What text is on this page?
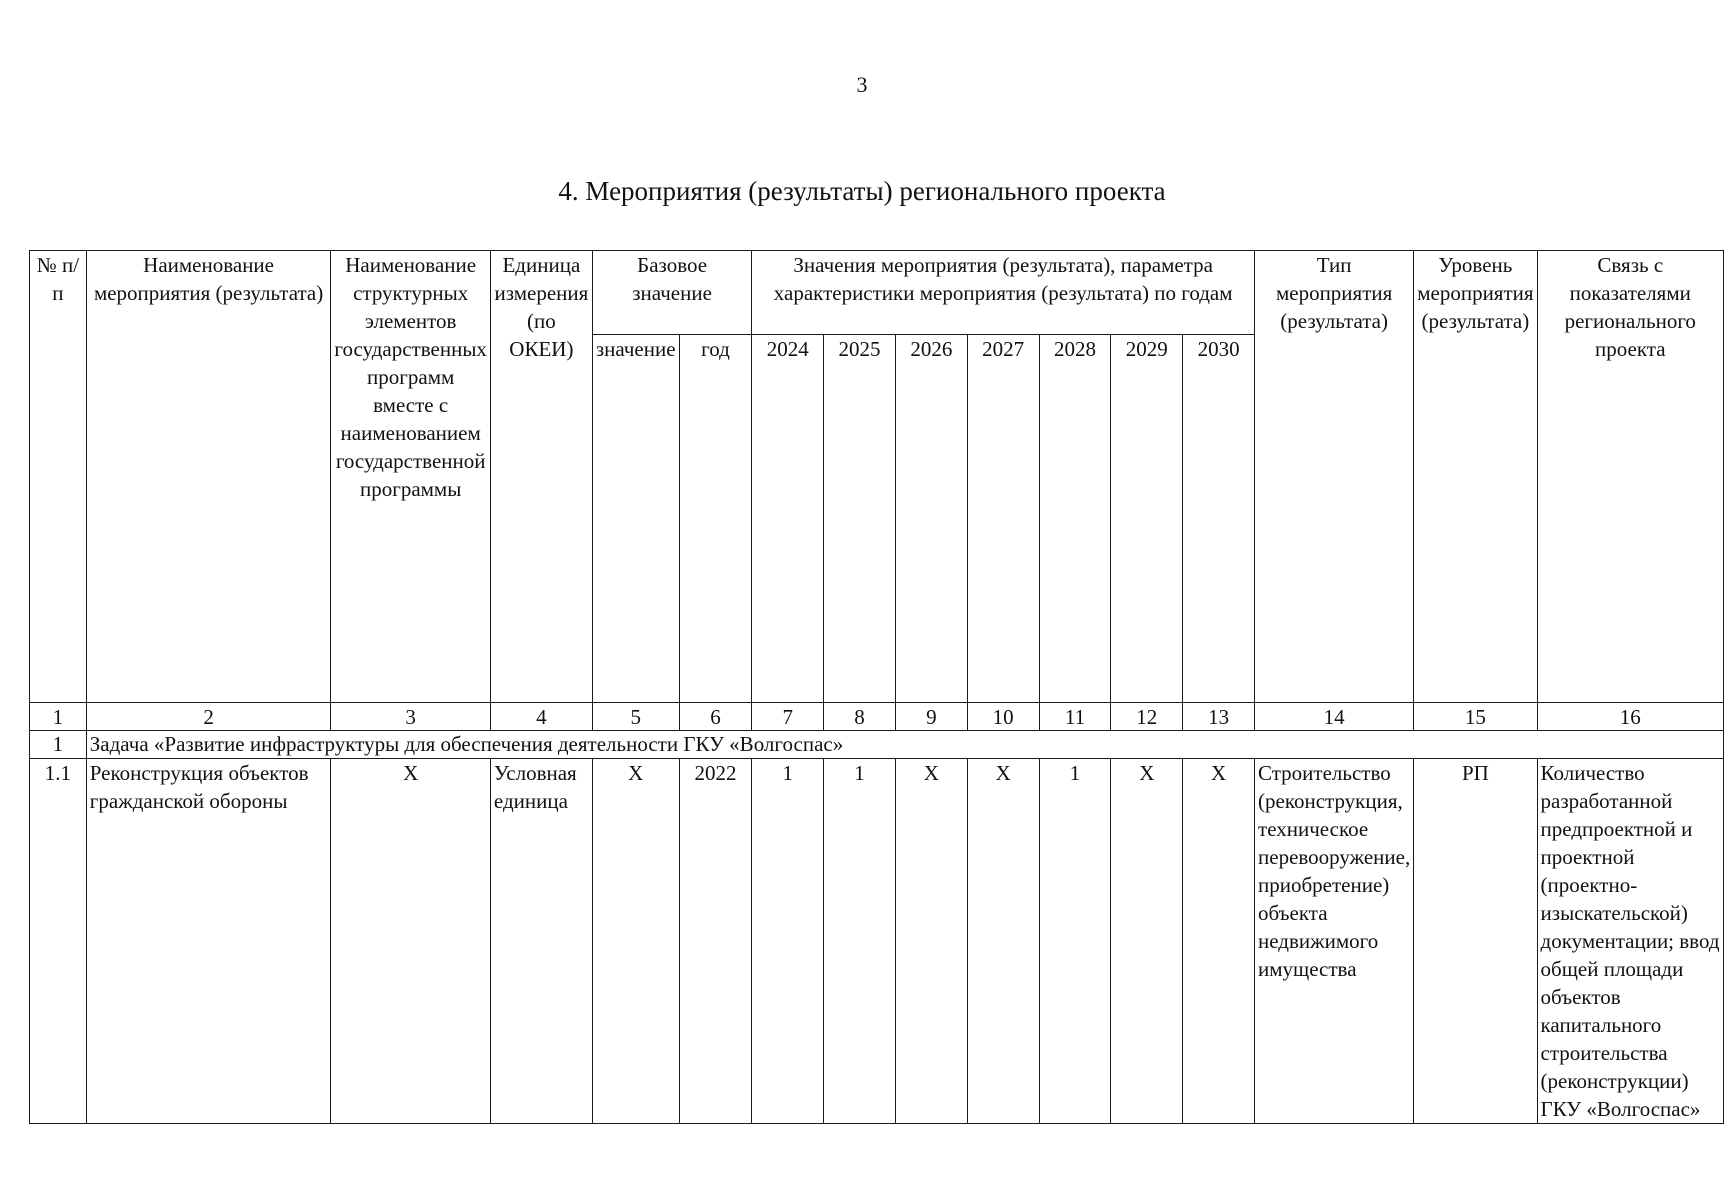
3
4. Мероприятия (результаты) регионального проекта
№ п/п	Наименование мероприятия (результата)	Наименование структурных элементов государственных программ вместе с наименованием государственной программы	Единица измерения (по ОКЕИ)	Базовое значение		Значения мероприятия (результата), параметра характеристики мероприятия (результата) по годам							Тип мероприятия (результата)	Уровень мероприятия (результата)	Связь с показателями регионального проекта
				значение	год	2024	2025	2026	2027	2028	2029	2030			
1	2	3	4	5	6	7	8	9	10	11	12	13	14	15	16
1	Задача «Развитие инфраструктуры для обеспечения деятельности ГКУ «Волгоспас»														
1.1	Реконструкция объектов гражданской обороны	Х	Условная единица	Х	2022	1	1	Х	Х	1	Х	Х	Строительство (реконструкция, техническое перевооружение, приобретение) объекта недвижимого имущества	РП	Количество разработанной предпроектной и проектной (проектно-изыскательской) документации; ввод общей площади объектов капитального строительства (реконструкции) ГКУ «Волгоспас»
